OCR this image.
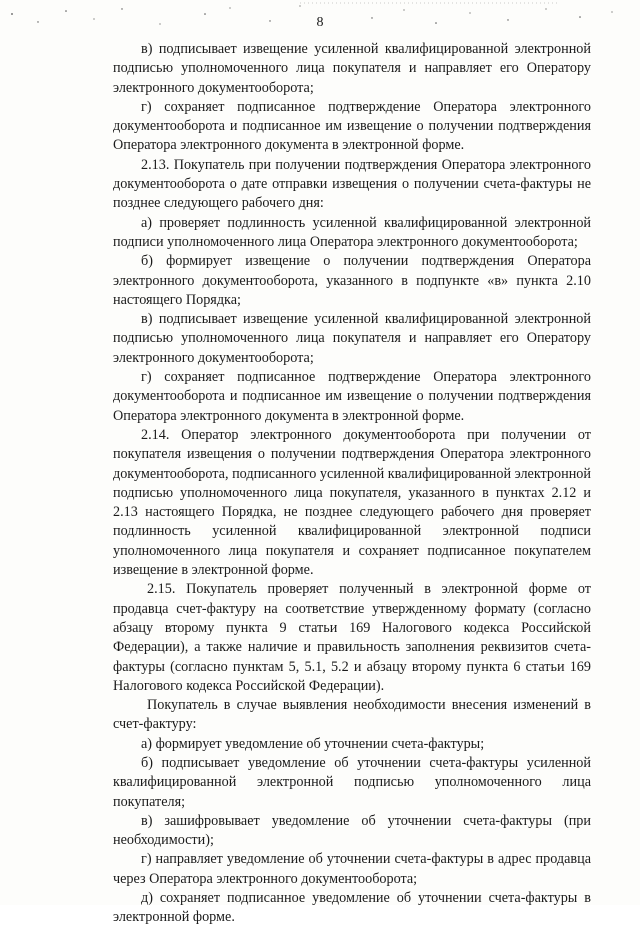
8

в) подписывает извещение усиленной квалифицированной электронной подписью уполномоченного лица покупателя и направляет его Оператору электронного документооборота;

г) сохраняет подписанное подтверждение Оператора электронного документооборота и подписанное им извещение о получении подтверждения Оператора электронного документа в электронной форме.

2.13. Покупатель при получении подтверждения Оператора электронного документооборота о дате отправки извещения о получении счета-фактуры не позднее следующего рабочего дня:

а) проверяет подлинность усиленной квалифицированной электронной подписи уполномоченного лица Оператора электронного документооборота;

б) формирует извещение о получении подтверждения Оператора электронного документооборота, указанного в подпункте «в» пункта 2.10 настоящего Порядка;

в) подписывает извещение усиленной квалифицированной электронной подписью уполномоченного лица покупателя и направляет его Оператору электронного документооборота;

г) сохраняет подписанное подтверждение Оператора электронного документооборота и подписанное им извещение о получении подтверждения Оператора электронного документа в электронной форме.

2.14. Оператор электронного документооборота при получении от покупателя извещения о получении подтверждения Оператора электронного документооборота, подписанного усиленной квалифицированной электронной подписью уполномоченного лица покупателя, указанного в пунктах 2.12 и 2.13 настоящего Порядка, не позднее следующего рабочего дня проверяет подлинность усиленной квалифицированной электронной подписи уполномоченного лица покупателя и сохраняет подписанное покупателем извещение в электронной форме.

2.15. Покупатель проверяет полученный в электронной форме от продавца счет-фактуру на соответствие утвержденному формату (согласно абзацу второму пункта 9 статьи 169 Налогового кодекса Российской Федерации), а также наличие и правильность заполнения реквизитов счета-фактуры (согласно пунктам 5, 5.1, 5.2 и абзацу второму пункта 6 статьи 169 Налогового кодекса Российской Федерации).

Покупатель в случае выявления необходимости внесения изменений в счет-фактуру:

а) формирует уведомление об уточнении счета-фактуры;

б) подписывает уведомление об уточнении счета-фактуры усиленной квалифицированной электронной подписью уполномоченного лица покупателя;

в) зашифровывает уведомление об уточнении счета-фактуры (при необходимости);

г) направляет уведомление об уточнении счета-фактуры в адрес продавца через Оператора электронного документооборота;

д) сохраняет подписанное уведомление об уточнении счета-фактуры в электронной форме.
